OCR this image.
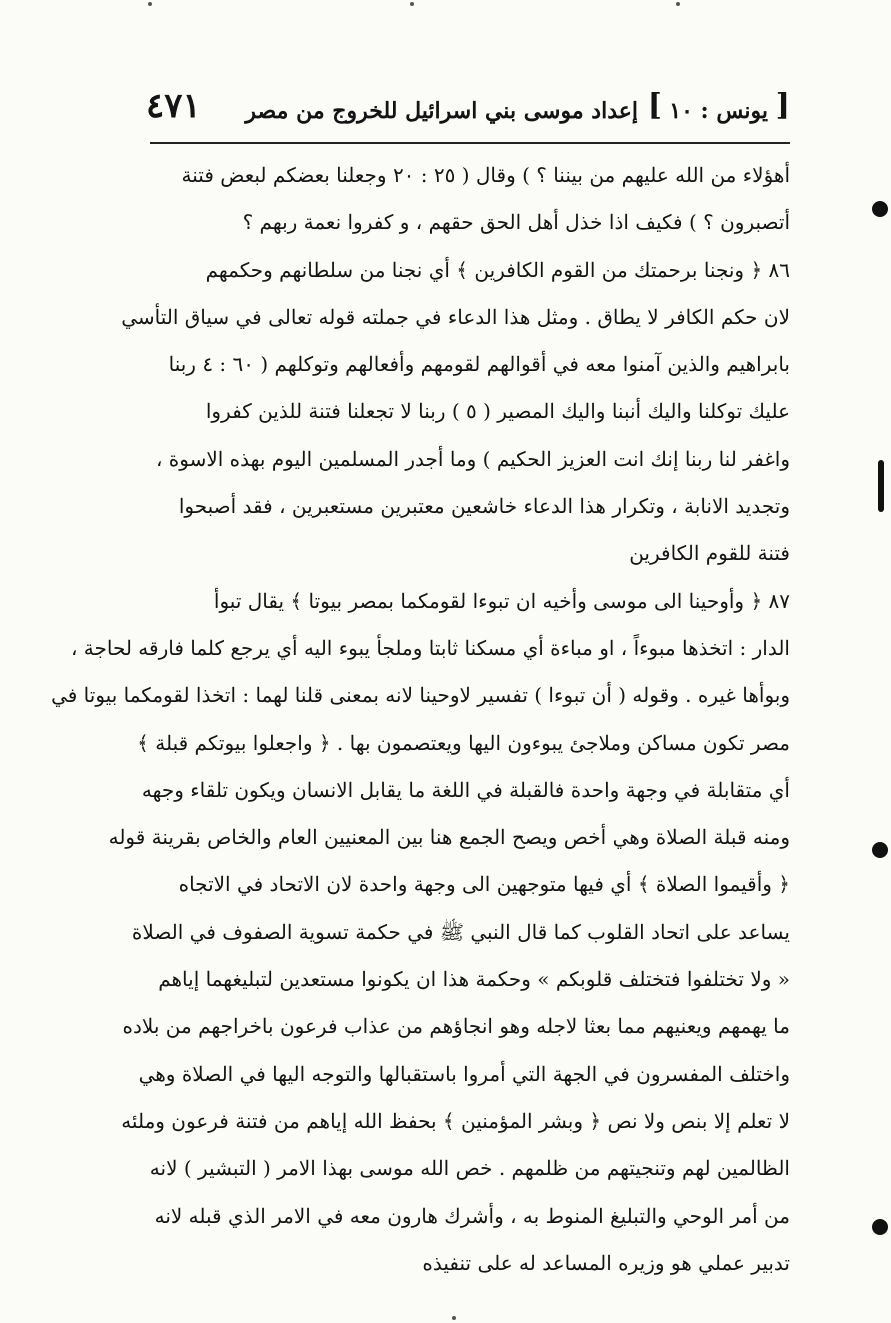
[
يونس : ١٠
]
إعداد موسى بني اسرائيل للخروج من مصر
٤٧١
أهؤلاء من الله عليهم من بيننا ؟ ) وقال ( ٢٥ : ٢٠ وجعلنا بعضكم لبعض فتنة
أتصبرون ؟ ) فكيف اذا خذل أهل الحق حقهم ، و كفروا نعمة ربهم ؟
٨٦ ﴿ ونجنا برحمتك من القوم الكافرين ﴾ أي نجنا من سلطانهم وحكمهم
لان حكم الكافر لا يطاق . ومثل هذا الدعاء في جملته قوله تعالى في سياق التأسي
بابراهيم والذين آمنوا معه في أقوالهم لقومهم وأفعالهم وتوكلهم ( ٦٠ : ٤ ربنا
عليك توكلنا واليك أنبنا واليك المصير ( ٥ ) ربنا لا تجعلنا فتنة للذين كفروا
واغفر لنا ربنا إنك انت العزيز الحكيم ) وما أجدر المسلمين اليوم بهذه الاسوة ،
وتجديد الانابة ، وتكرار هذا الدعاء خاشعين معتبرين مستعبرين ، فقد أصبحوا
فتنة للقوم الكافرين
٨٧ ﴿ وأوحينا الى موسى وأخيه ان تبوءا لقومكما بمصر بيوتا ﴾ يقال تبوأ
الدار : اتخذها مبوءاً ، او مباءة أي مسكنا ثابتا وملجأ يبوء اليه أي يرجع كلما فارقه لحاجة ،
وبوأها غيره . وقوله ( أن تبوءا ) تفسير لاوحينا لانه بمعنى قلنا لهما : اتخذا لقومكما بيوتا في
مصر تكون مساكن وملاجئ يبوءون اليها ويعتصمون بها . ﴿ واجعلوا بيوتكم قبلة ﴾
أي متقابلة في وجهة واحدة فالقبلة في اللغة ما يقابل الانسان ويكون تلقاء وجهه
ومنه قبلة الصلاة وهي أخص ويصح الجمع هنا بين المعنيين العام والخاص بقرينة قوله
﴿ وأقيموا الصلاة ﴾ أي فيها متوجهين الى وجهة واحدة لان الاتحاد في الاتجاه
يساعد على اتحاد القلوب كما قال النبي ﷺ في حكمة تسوية الصفوف في الصلاة
« ولا تختلفوا فتختلف قلوبكم » وحكمة هذا ان يكونوا مستعدين لتبليغهما إياهم
ما يهمهم ويعنيهم مما بعثا لاجله وهو انجاؤهم من عذاب فرعون باخراجهم من بلاده
واختلف المفسرون في الجهة التي أمروا باستقبالها والتوجه اليها في الصلاة وهي
لا تعلم إلا بنص ولا نص ﴿ وبشر المؤمنين ﴾ بحفظ الله إياهم من فتنة فرعون وملئه
الظالمين لهم وتنجيتهم من ظلمهم . خص الله موسى بهذا الامر ( التبشير ) لانه
من أمر الوحي والتبليغ المنوط به ، وأشرك هارون معه في الامر الذي قبله لانه
تدبير عملي هو وزيره المساعد له على تنفيذه
